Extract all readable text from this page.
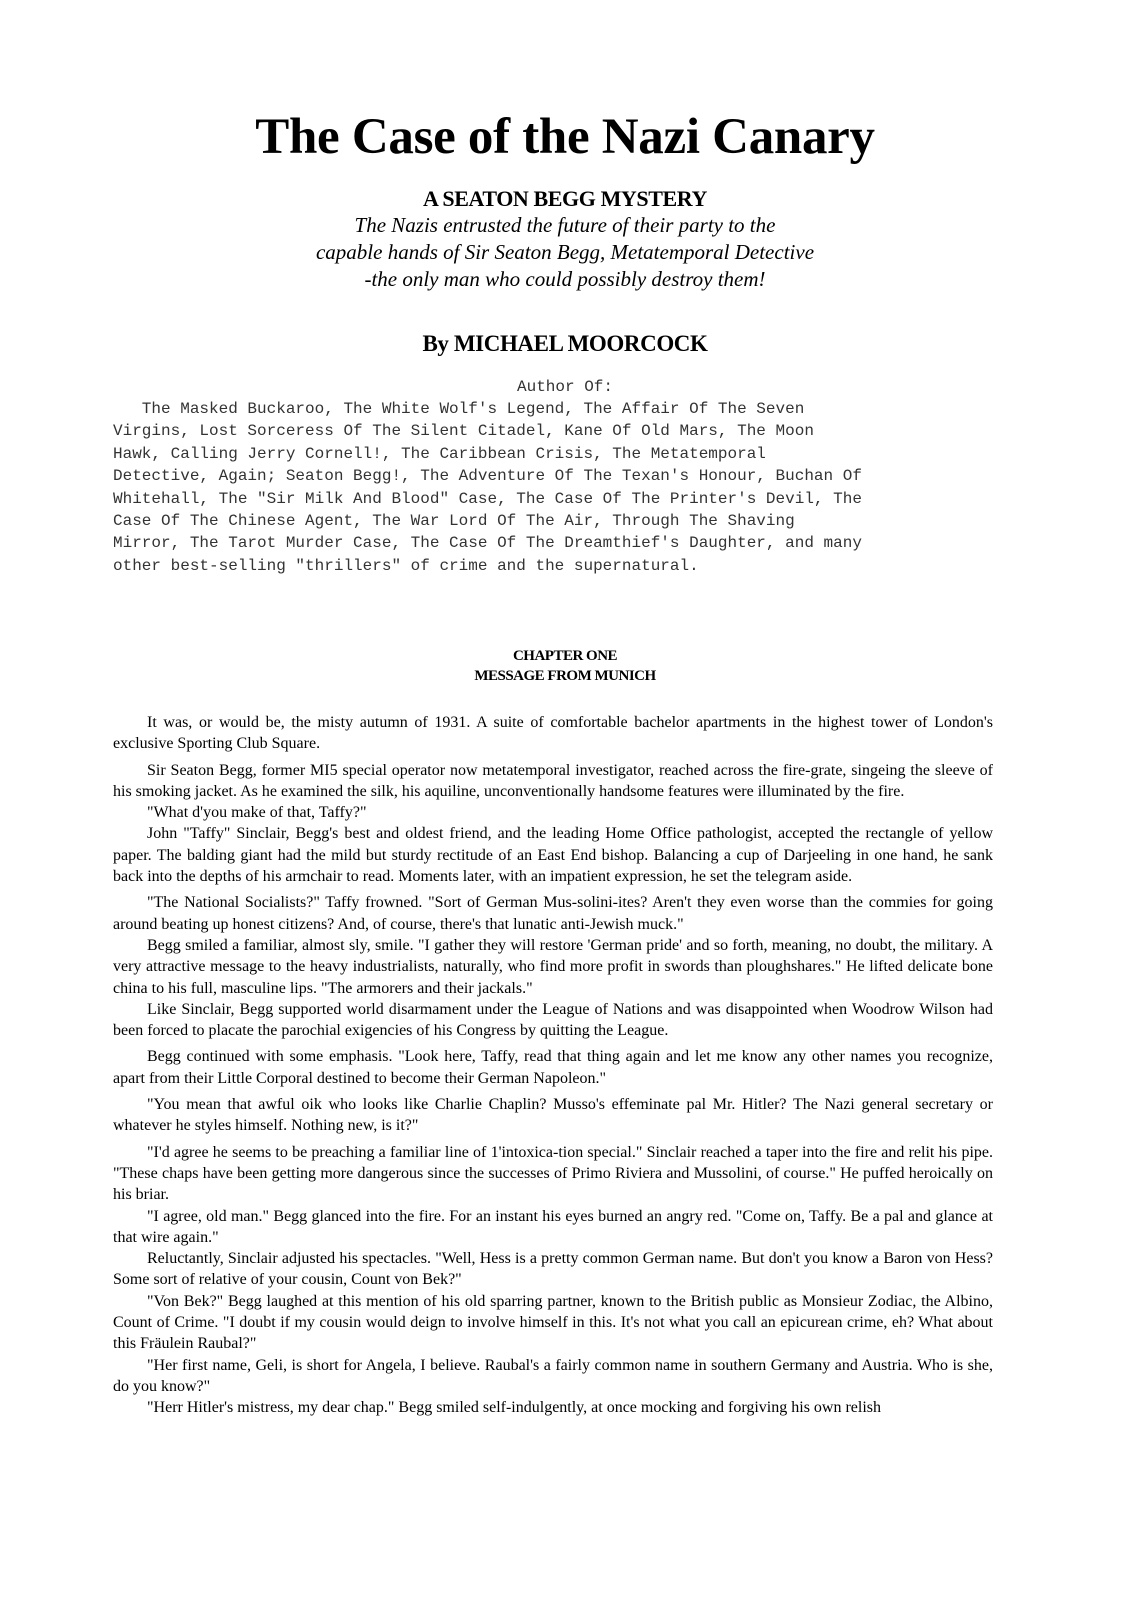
The Case of the Nazi Canary
A SEATON BEGG MYSTERY
The Nazis entrusted the future of their party to the
capable hands of Sir Seaton Begg, Metatemporal Detective
-the only man who could possibly destroy them!
By MICHAEL MOORCOCK
Author Of:
The Masked Buckaroo, The White Wolf's Legend, The Affair Of The Seven
Virgins, Lost Sorceress Of The Silent Citadel, Kane Of Old Mars, The Moon
Hawk, Calling Jerry Cornell!, The Caribbean Crisis, The Metatemporal
Detective, Again; Seaton Begg!, The Adventure Of The Texan's Honour, Buchan Of
Whitehall, The "Sir Milk And Blood" Case, The Case Of The Printer's Devil, The
Case Of The Chinese Agent, The War Lord Of The Air, Through The Shaving
Mirror, The Tarot Murder Case, The Case Of The Dreamthief's Daughter, and many
other best-selling "thrillers" of crime and the supernatural.
CHAPTER ONE
MESSAGE FROM MUNICH

It was, or would be, the misty autumn of 1931. A suite of comfortable bachelor apartments in the highest tower of London's exclusive Sporting Club Square.

Sir Seaton Begg, former MI5 special operator now metatemporal investigator, reached across the fire-grate, singeing the sleeve of his smoking jacket. As he examined the silk, his aquiline, unconventionally handsome features were illuminated by the fire.

"What d'you make of that, Taffy?"

John "Taffy" Sinclair, Begg's best and oldest friend, and the leading Home Office pathologist, accepted the rectangle of yellow paper. The balding giant had the mild but sturdy rectitude of an East End bishop. Balancing a cup of Darjeeling in one hand, he sank back into the depths of his armchair to read. Moments later, with an impatient expression, he set the telegram aside.

"The National Socialists?" Taffy frowned. "Sort of German Mus-solini-ites? Aren't they even worse than the commies for going around beating up honest citizens? And, of course, there's that lunatic anti-Jewish muck."

Begg smiled a familiar, almost sly, smile. "I gather they will restore 'German pride' and so forth, meaning, no doubt, the military. A very attractive message to the heavy industrialists, naturally, who find more profit in swords than ploughshares." He lifted delicate bone china to his full, masculine lips. "The armorers and their jackals."

Like Sinclair, Begg supported world disarmament under the League of Nations and was disappointed when Woodrow Wilson had been forced to placate the parochial exigencies of his Congress by quitting the League.

Begg continued with some emphasis. "Look here, Taffy, read that thing again and let me know any other names you recognize, apart from their Little Corporal destined to become their German Napoleon."

"You mean that awful oik who looks like Charlie Chaplin? Musso's effeminate pal Mr. Hitler? The Nazi general secretary or whatever he styles himself. Nothing new, is it?"

"I'd agree he seems to be preaching a familiar line of 1'intoxica-tion special." Sinclair reached a taper into the fire and relit his pipe. "These chaps have been getting more dangerous since the successes of Primo Riviera and Mussolini, of course." He puffed heroically on his briar.

"I agree, old man." Begg glanced into the fire. For an instant his eyes burned an angry red. "Come on, Taffy. Be a pal and glance at that wire again."

Reluctantly, Sinclair adjusted his spectacles. "Well, Hess is a pretty common German name. But don't you know a Baron von Hess? Some sort of relative of your cousin, Count von Bek?"

"Von Bek?" Begg laughed at this mention of his old sparring partner, known to the British public as Monsieur Zodiac, the Albino, Count of Crime. "I doubt if my cousin would deign to involve himself in this. It's not what you call an epicurean crime, eh? What about this Fräulein Raubal?"

"Her first name, Geli, is short for Angela, I believe. Raubal's a fairly common name in southern Germany and Austria. Who is she, do you know?"

"Herr Hitler's mistress, my dear chap." Begg smiled self-indulgently, at once mocking and forgiving his own relish
